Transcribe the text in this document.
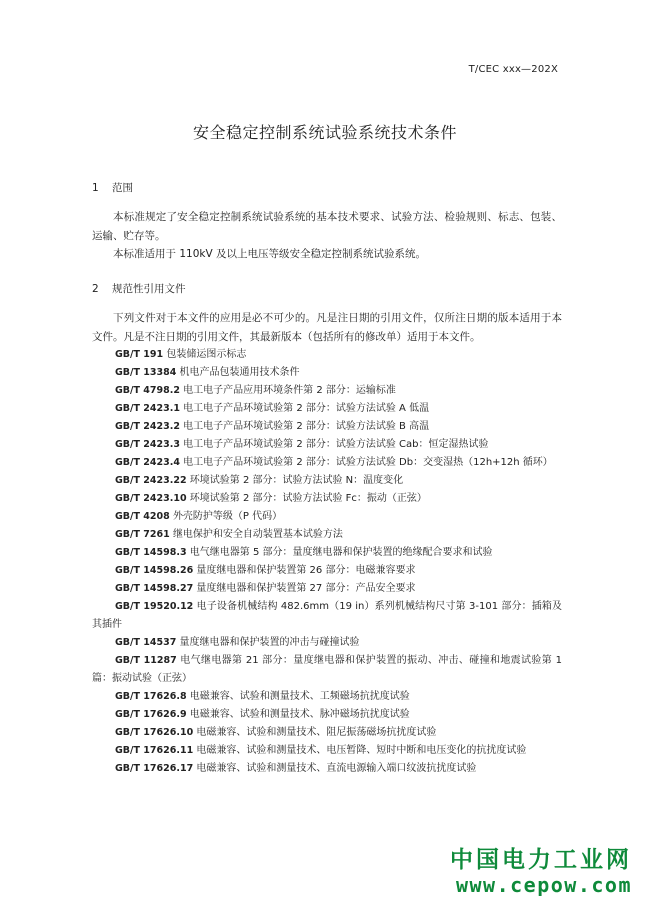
T/CEC xxx—202X
安全稳定控制系统试验系统技术条件
1 范围

本标准规定了安全稳定控制系统试验系统的基本技术要求、试验方法、检验规则、标志、包装、运输、贮存等。

本标准适用于 110kV 及以上电压等级安全稳定控制系统试验系统。

2 规范性引用文件

下列文件对于本文件的应用是必不可少的。凡是注日期的引用文件，仅所注日期的版本适用于本文件。凡是不注日期的引用文件，其最新版本（包括所有的修改单）适用于本文件。

GB/T 191 包装储运图示标志
GB/T 13384 机电产品包装通用技术条件
GB/T 4798.2 电工电子产品应用环境条件第 2 部分：运输标准
GB/T 2423.1 电工电子产品环境试验第 2 部分：试验方法试验 A 低温
GB/T 2423.2 电工电子产品环境试验第 2 部分：试验方法试验 B 高温
GB/T 2423.3 电工电子产品环境试验第 2 部分：试验方法试验 Cab：恒定湿热试验
GB/T 2423.4 电工电子产品环境试验第 2 部分：试验方法试验 Db：交变湿热（12h+12h 循环）
GB/T 2423.22 环境试验第 2 部分：试验方法试验 N：温度变化
GB/T 2423.10 环境试验第 2 部分：试验方法试验 Fc：振动（正弦）
GB/T 4208 外壳防护等级（P 代码）
GB/T 7261 继电保护和安全自动装置基本试验方法
GB/T 14598.3 电气继电器第 5 部分：量度继电器和保护装置的绝缘配合要求和试验
GB/T 14598.26 量度继电器和保护装置第 26 部分：电磁兼容要求
GB/T 14598.27 量度继电器和保护装置第 27 部分：产品安全要求
GB/T 19520.12 电子设备机械结构 482.6mm（19 in）系列机械结构尺寸第 3-101 部分：插箱及其插件
GB/T 14537 量度继电器和保护装置的冲击与碰撞试验
GB/T 11287 电气继电器第 21 部分：量度继电器和保护装置的振动、冲击、碰撞和地震试验第 1 篇：振动试验（正弦）
GB/T 17626.8 电磁兼容、试验和测量技术、工频磁场抗扰度试验
GB/T 17626.9 电磁兼容、试验和测量技术、脉冲磁场抗扰度试验
GB/T 17626.10 电磁兼容、试验和测量技术、阻尼振荡磁场抗扰度试验
GB/T 17626.11 电磁兼容、试验和测量技术、电压暂降、短时中断和电压变化的抗扰度试验
GB/T 17626.17 电磁兼容、试验和测量技术、直流电源输入端口纹波抗扰度试验
中国电力工业网
www.cepow.com
